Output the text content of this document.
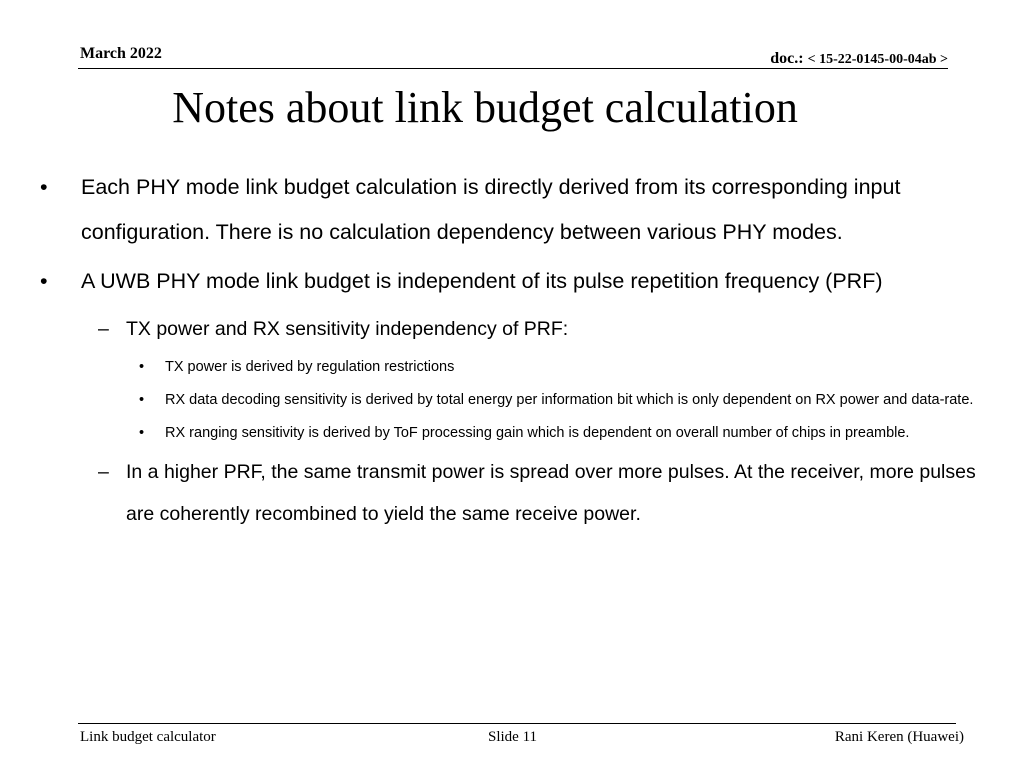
March 2022	doc.: < 15-22-0145-00-04ab >
Notes about link budget calculation
• Each PHY mode link budget calculation is directly derived from its corresponding input configuration. There is no calculation dependency between various PHY modes.
• A UWB PHY mode link budget is independent of its pulse repetition frequency (PRF)
– TX power and RX sensitivity independency of PRF:
• TX power is derived by regulation restrictions
• RX data decoding sensitivity is derived by total energy per information bit which is only dependent on RX power and data-rate.
• RX ranging sensitivity is derived by ToF processing gain which is dependent on overall number of chips in preamble.
– In a higher PRF, the same transmit power is spread over more pulses. At the receiver, more pulses are coherently recombined to yield the same receive power.
Link budget calculator	Slide 11	Rani Keren (Huawei)
